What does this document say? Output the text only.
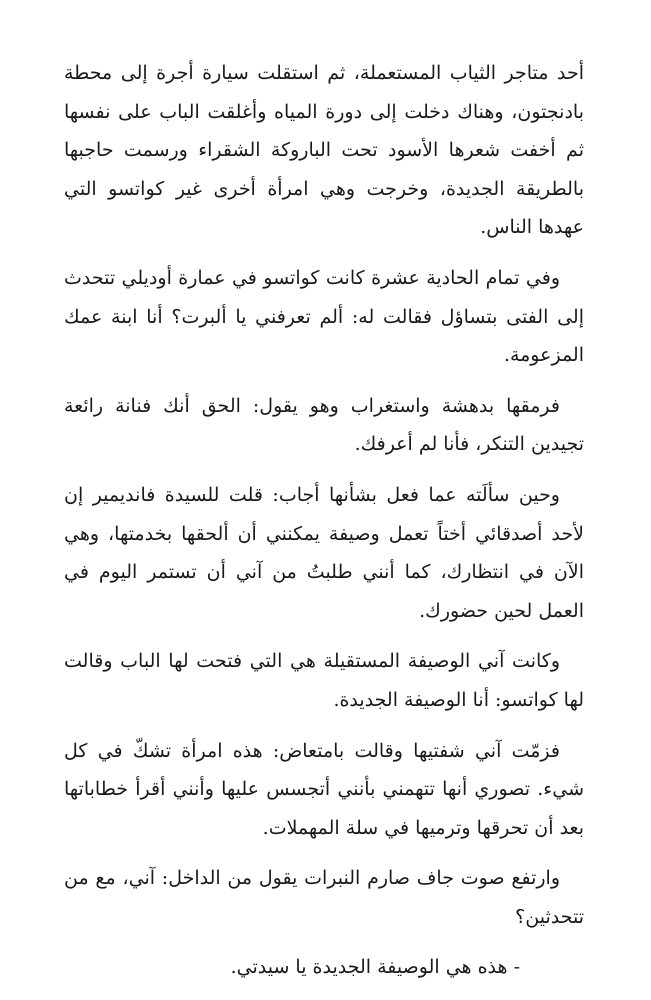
أحد متاجر الثياب المستعملة، ثم استقلت سيارة أجرة إلى محطة بادنجتون، وهناك دخلت إلى دورة المياه وأغلقت الباب على نفسها ثم أخفت شعرها الأسود تحت الباروكة الشقراء ورسمت حاجبها بالطريقة الجديدة، وخرجت وهي امرأة أخرى غير كواتسو التي عهدها الناس.

وفي تمام الحادية عشرة كانت كواتسو في عمارة أوديلي تتحدث إلى الفتى بتساؤل فقالت له: ألم تعرفني يا ألبرت؟ أنا ابنة عمك المزعومة.

فرمقها بدهشة واستغراب وهو يقول: الحق أنك فنانة رائعة تجيدين التنكر، فأنا لم أعرفك.

وحين سألَته عما فعل بشأنها أجاب: قلت للسيدة فانديمير إن لأحد أصدقائي أختاً تعمل وصيفة يمكنني أن ألحقها بخدمتها، وهي الآن في انتظارك، كما أنني طلبتُ من آني أن تستمر اليوم في العمل لحين حضورك.

وكانت آني الوصيفة المستقيلة هي التي فتحت لها الباب وقالت لها كواتسو: أنا الوصيفة الجديدة.

فزمّت آني شفتيها وقالت بامتعاض: هذه امرأة تشكّ في كل شيء. تصوري أنها تتهمني بأنني أتجسس عليها وأنني أقرأ خطاباتها بعد أن تحرقها وترميها في سلة المهملات.

وارتفع صوت جاف صارم النبرات يقول من الداخل: آني، مع من تتحدثين؟

- هذه هي الوصيفة الجديدة يا سيدتي.
